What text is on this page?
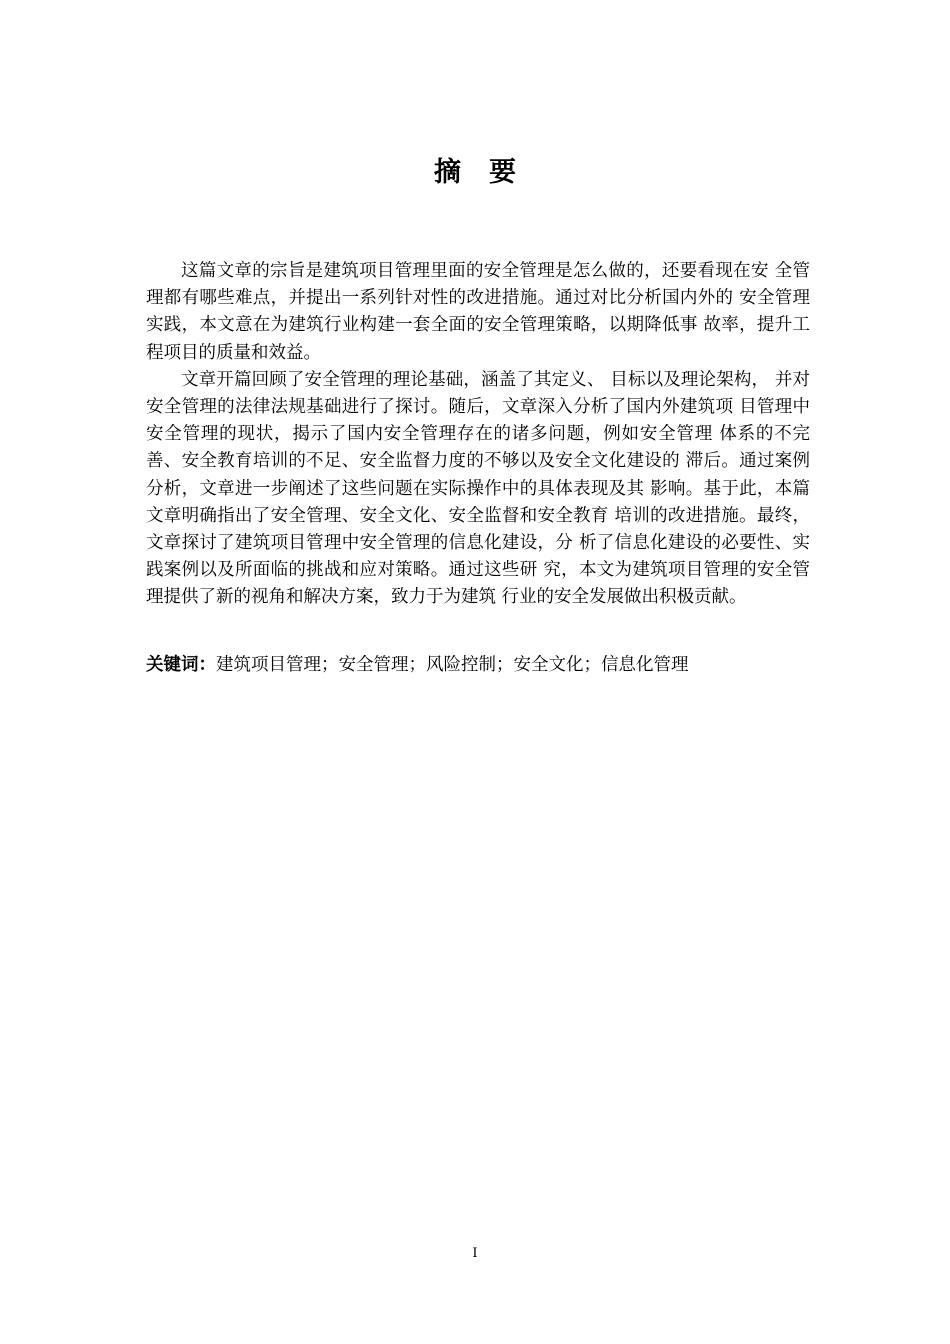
摘 要

这篇文章的宗旨是建筑项目管理里面的安全管理是怎么做的，还要看现在安 全管理都有哪些难点，并提出一系列针对性的改进措施。通过对比分析国内外的 安全管理实践，本文意在为建筑行业构建一套全面的安全管理策略，以期降低事 故率，提升工程项目的质量和效益。

文章开篇回顾了安全管理的理论基础，涵盖了其定义、 目标以及理论架构， 并对安全管理的法律法规基础进行了探讨。随后，文章深入分析了国内外建筑项 目管理中安全管理的现状，揭示了国内安全管理存在的诸多问题，例如安全管理 体系的不完善、安全教育培训的不足、安全监督力度的不够以及安全文化建设的 滞后。通过案例分析，文章进一步阐述了这些问题在实际操作中的具体表现及其 影响。基于此，本篇文章明确指出了安全管理、安全文化、安全监督和安全教育 培训的改进措施。最终，文章探讨了建筑项目管理中安全管理的信息化建设，分 析了信息化建设的必要性、实践案例以及所面临的挑战和应对策略。通过这些研 究，本文为建筑项目管理的安全管理提供了新的视角和解决方案，致力于为建筑 行业的安全发展做出积极贡献。

关键词：建筑项目管理；安全管理；风险控制；安全文化；信息化管理
I
